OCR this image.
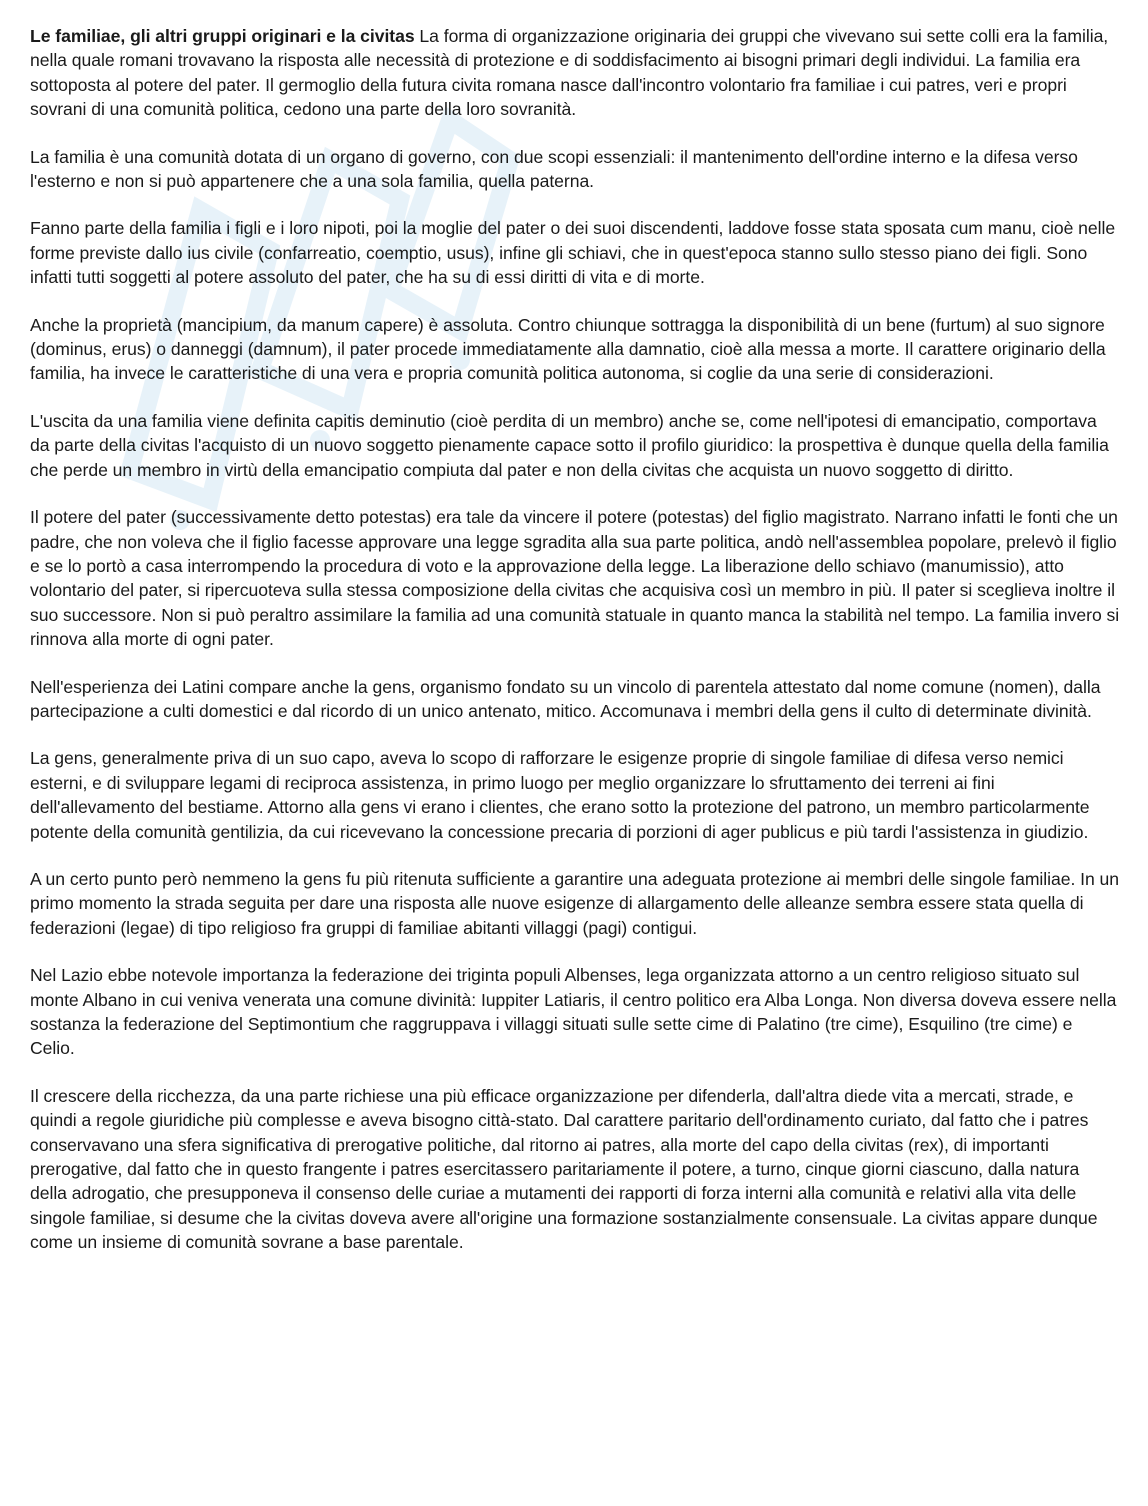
Le familiae, gli altri gruppi originari e la civitas La forma di organizzazione originaria dei gruppi che vivevano sui sette colli era la familia, nella quale romani trovavano la risposta alle necessità di protezione e di soddisfacimento ai bisogni primari degli individui. La familia era sottoposta al potere del pater. Il germoglio della futura civita romana nasce dall'incontro volontario fra familiae i cui patres, veri e propri sovrani di una comunità politica, cedono una parte della loro sovranità.

La familia è una comunità dotata di un organo di governo, con due scopi essenziali: il mantenimento dell'ordine interno e la difesa verso l'esterno e non si può appartenere che a una sola familia, quella paterna.

Fanno parte della familia i figli e i loro nipoti, poi la moglie del pater o dei suoi discendenti, laddove fosse stata sposata cum manu, cioè nelle forme previste dallo ius civile (confarreatio, coemptio, usus), infine gli schiavi, che in quest'epoca stanno sullo stesso piano dei figli. Sono infatti tutti soggetti al potere assoluto del pater, che ha su di essi diritti di vita e di morte.

Anche la proprietà (mancipium, da manum capere) è assoluta. Contro chiunque sottragga la disponibilità di un bene (furtum) al suo signore (dominus, erus) o danneggi (damnum), il pater procede immediatamente alla damnatio, cioè alla messa a morte. Il carattere originario della familia, ha invece le caratteristiche di una vera e propria comunità politica autonoma, si coglie da una serie di considerazioni.

L'uscita da una familia viene definita capitis deminutio (cioè perdita di un membro) anche se, come nell'ipotesi di emancipatio, comportava da parte della civitas l'acquisto di un nuovo soggetto pienamente capace sotto il profilo giuridico: la prospettiva è dunque quella della familia che perde un membro in virtù della emancipatio compiuta dal pater e non della civitas che acquista un nuovo soggetto di diritto.

Il potere del pater (successivamente detto potestas) era tale da vincere il potere (potestas) del figlio magistrato. Narrano infatti le fonti che un padre, che non voleva che il figlio facesse approvare una legge sgradita alla sua parte politica, andò nell'assemblea popolare, prelevò il figlio e se lo portò a casa interrompendo la procedura di voto e la approvazione della legge. La liberazione dello schiavo (manumissio), atto volontario del pater, si ripercuoteva sulla stessa composizione della civitas che acquisiva così un membro in più. Il pater si sceglieva inoltre il suo successore. Non si può peraltro assimilare la familia ad una comunità statuale in quanto manca la stabilità nel tempo. La familia invero si rinnova alla morte di ogni pater.

Nell'esperienza dei Latini compare anche la gens, organismo fondato su un vincolo di parentela attestato dal nome comune (nomen), dalla partecipazione a culti domestici e dal ricordo di un unico antenato, mitico. Accomunava i membri della gens il culto di determinate divinità.

La gens, generalmente priva di un suo capo, aveva lo scopo di rafforzare le esigenze proprie di singole familiae di difesa verso nemici esterni, e di sviluppare legami di reciproca assistenza, in primo luogo per meglio organizzare lo sfruttamento dei terreni ai fini dell'allevamento del bestiame. Attorno alla gens vi erano i clientes, che erano sotto la protezione del patrono, un membro particolarmente potente della comunità gentilizia, da cui ricevevano la concessione precaria di porzioni di ager publicus e più tardi l'assistenza in giudizio.

A un certo punto però nemmeno la gens fu più ritenuta sufficiente a garantire una adeguata protezione ai membri delle singole familiae. In un primo momento la strada seguita per dare una risposta alle nuove esigenze di allargamento delle alleanze sembra essere stata quella di federazioni (legae) di tipo religioso fra gruppi di familiae abitanti villaggi (pagi) contigui.

Nel Lazio ebbe notevole importanza la federazione dei triginta populi Albenses, lega organizzata attorno a un centro religioso situato sul monte Albano in cui veniva venerata una comune divinità: Iuppiter Latiaris, il centro politico era Alba Longa. Non diversa doveva essere nella sostanza la federazione del Septimontium che raggruppava i villaggi situati sulle sette cime di Palatino (tre cime), Esquilino (tre cime) e Celio.

Il crescere della ricchezza, da una parte richiese una più efficace organizzazione per difenderla, dall'altra diede vita a mercati, strade, e quindi a regole giuridiche più complesse e aveva bisogno città-stato. Dal carattere paritario dell'ordinamento curiato, dal fatto che i patres conservavano una sfera significativa di prerogative politiche, dal ritorno ai patres, alla morte del capo della civitas (rex), di importanti prerogative, dal fatto che in questo frangente i patres esercitassero paritariamente il potere, a turno, cinque giorni ciascuno, dalla natura della adrogatio, che presupponeva il consenso delle curiae a mutamenti dei rapporti di forza interni alla comunità e relativi alla vita delle singole familiae, si desume che la civitas doveva avere all'origine una formazione sostanzialmente consensuale. La civitas appare dunque come un insieme di comunità sovrane a base parentale.
